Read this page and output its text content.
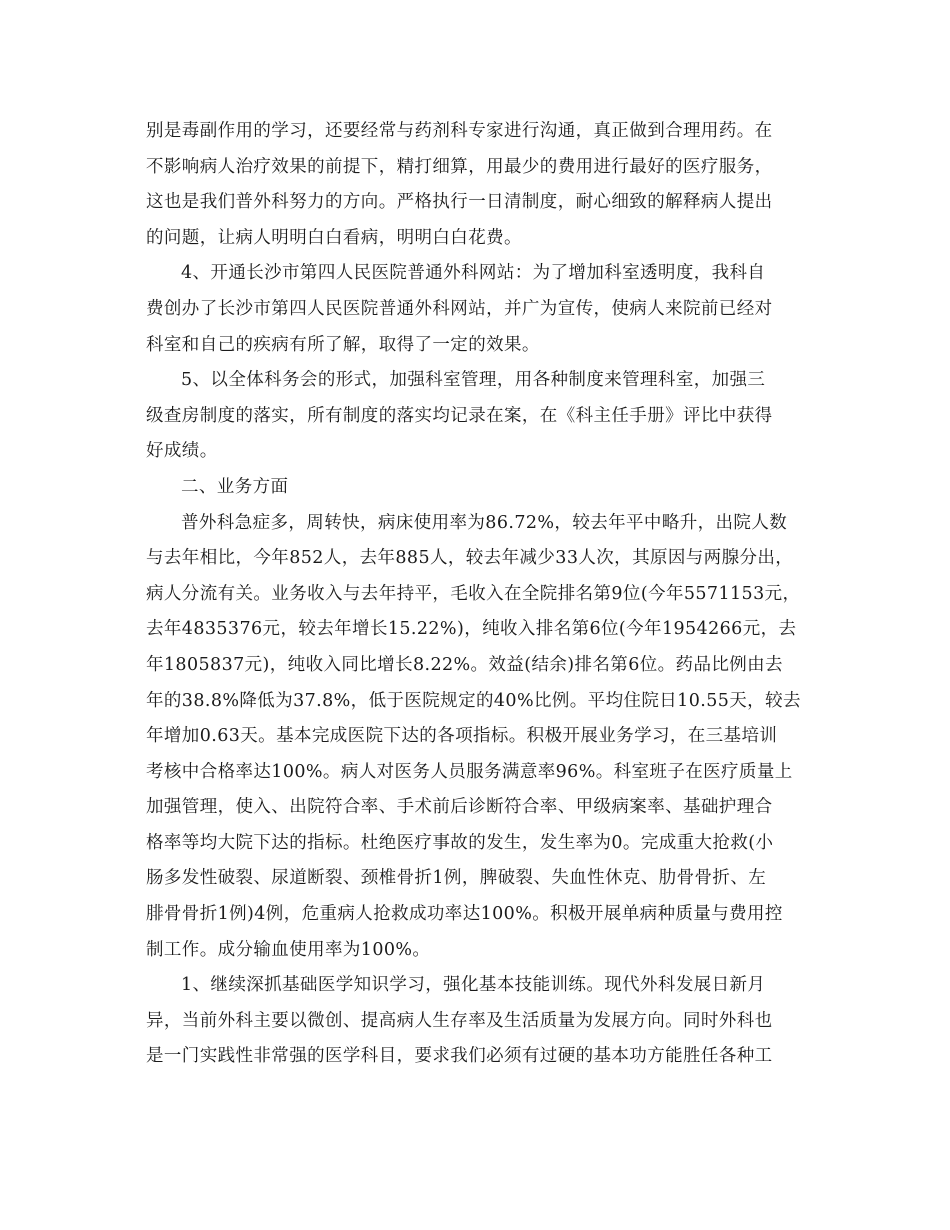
别是毒副作用的学习，还要经常与药剂科专家进行沟通，真正做到合理用药。在
不影响病人治疗效果的前提下，精打细算，用最少的费用进行最好的医疗服务，
这也是我们普外科努力的方向。严格执行一日清制度，耐心细致的解释病人提出
的问题，让病人明明白白看病，明明白白花费。
4、开通长沙市第四人民医院普通外科网站：为了增加科室透明度，我科自
费创办了长沙市第四人民医院普通外科网站，并广为宣传，使病人来院前已经对
科室和自己的疾病有所了解，取得了一定的效果。
5、以全体科务会的形式，加强科室管理，用各种制度来管理科室，加强三
级查房制度的落实，所有制度的落实均记录在案，在《科主任手册》评比中获得
好成绩。
二、业务方面
普外科急症多，周转快，病床使用率为86.72%，较去年平中略升，出院人数
与去年相比，今年852人，去年885人，较去年减少33人次，其原因与两腺分出，
病人分流有关。业务收入与去年持平，毛收入在全院排名第9位(今年5571153元，
去年4835376元，较去年增长15.22%)，纯收入排名第6位(今年1954266元，去
年1805837元)，纯收入同比增长8.22%。效益(结余)排名第6位。药品比例由去
年的38.8%降低为37.8%，低于医院规定的40%比例。平均住院日10.55天，较去
年增加0.63天。基本完成医院下达的各项指标。积极开展业务学习，在三基培训
考核中合格率达100%。病人对医务人员服务满意率96%。科室班子在医疗质量上
加强管理，使入、出院符合率、手术前后诊断符合率、甲级病案率、基础护理合
格率等均大院下达的指标。杜绝医疗事故的发生，发生率为0。完成重大抢救(小
肠多发性破裂、尿道断裂、颈椎骨折1例，脾破裂、失血性休克、肋骨骨折、左
腓骨骨折1例)4例，危重病人抢救成功率达100%。积极开展单病种质量与费用控
制工作。成分输血使用率为100%。
1、继续深抓基础医学知识学习，强化基本技能训练。现代外科发展日新月
异，当前外科主要以微创、提高病人生存率及生活质量为发展方向。同时外科也
是一门实践性非常强的医学科目，要求我们必须有过硬的基本功方能胜任各种工
